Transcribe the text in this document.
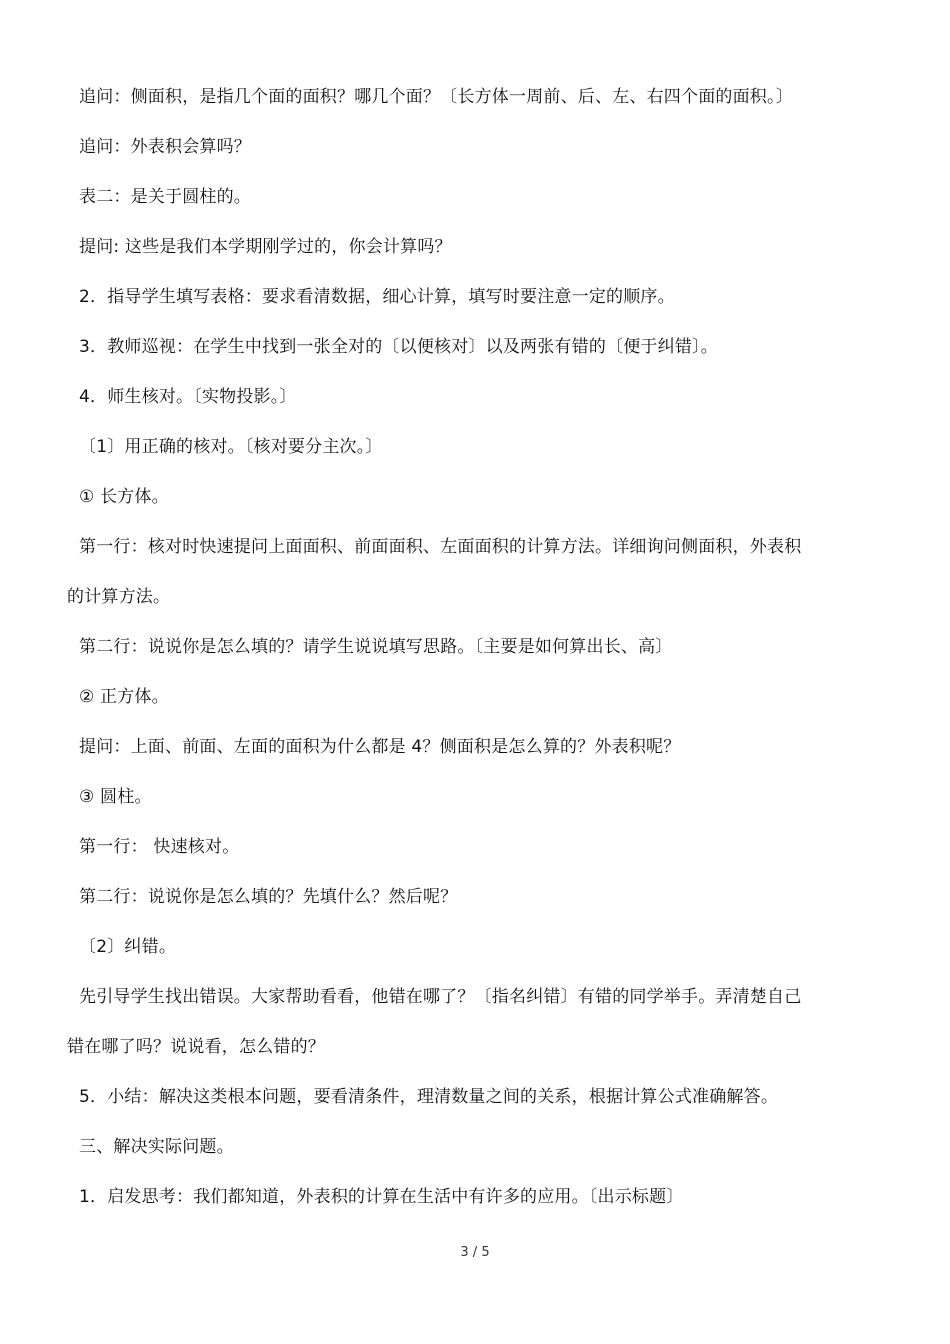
追问：侧面积，是指几个面的面积？哪几个面？〔长方体一周前、后、左、右四个面的面积。〕
追问：外表积会算吗？
表二：是关于圆柱的。
提问: 这些是我们本学期刚学过的，你会计算吗？
2．指导学生填写表格：要求看清数据，细心计算，填写时要注意一定的顺序。
3．教师巡视：在学生中找到一张全对的〔以便核对〕以及两张有错的〔便于纠错〕。
4．师生核对。〔实物投影。〕
〔1〕用正确的核对。〔核对要分主次。〕
① 长方体。
第一行：核对时快速提问上面面积、前面面积、左面面积的计算方法。详细询问侧面积，外表积
的计算方法。
第二行：说说你是怎么填的？请学生说说填写思路。〔主要是如何算出长、高〕
② 正方体。
提问：上面、前面、左面的面积为什么都是 4？侧面积是怎么算的？外表积呢？
③ 圆柱。
第一行： 快速核对。
第二行：说说你是怎么填的？先填什么？然后呢？
〔2〕纠错。
先引导学生找出错误。大家帮助看看，他错在哪了？〔指名纠错〕有错的同学举手。弄清楚自己
错在哪了吗？说说看，怎么错的？
5．小结：解决这类根本问题，要看清条件，理清数量之间的关系，根据计算公式准确解答。
三、解决实际问题。
1．启发思考：我们都知道，外表积的计算在生活中有许多的应用。〔出示标题〕
3 / 5
